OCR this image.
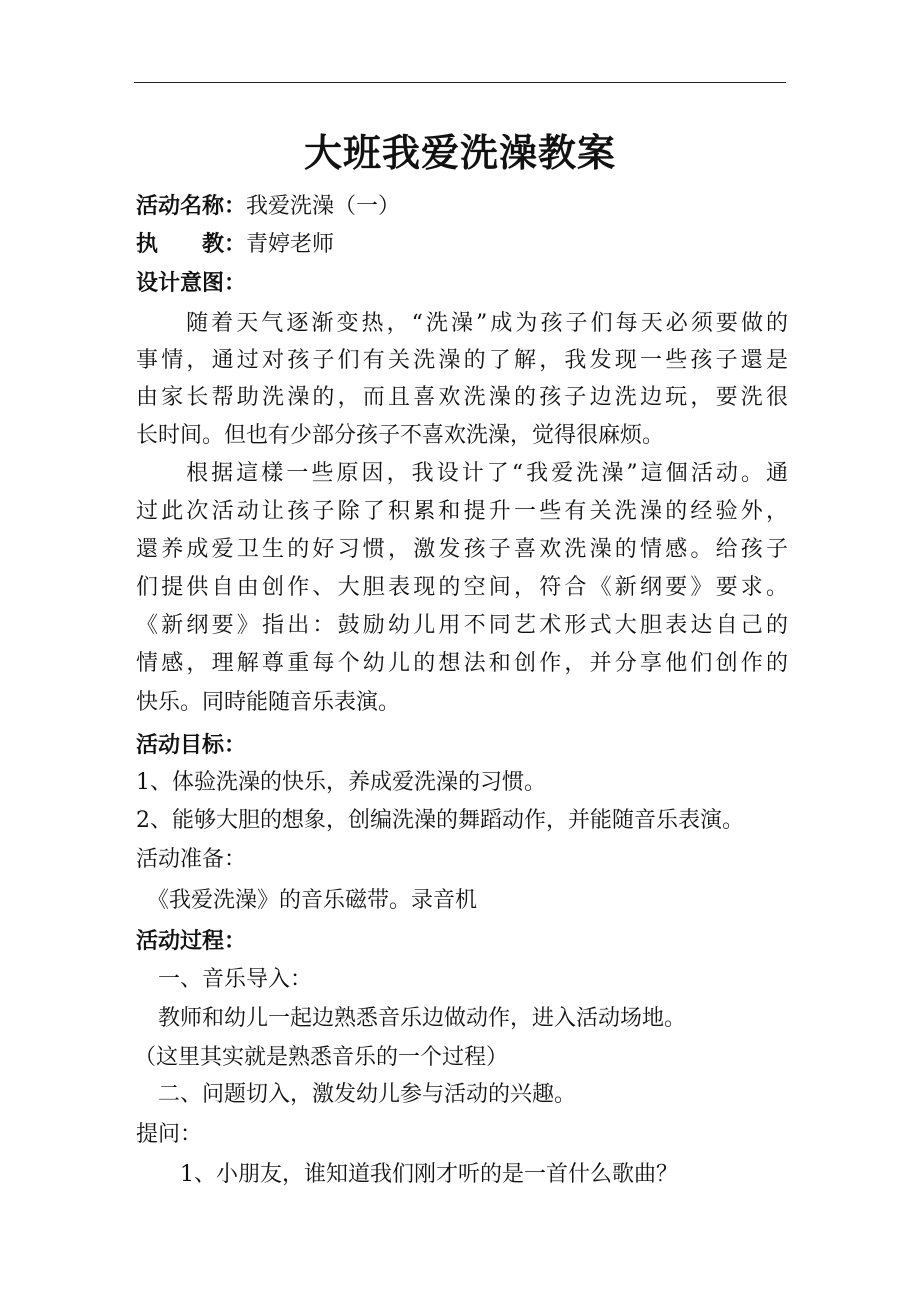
大班我爱洗澡教案
活动名称：我爱洗澡（一）
执　　教：青婷老师
设计意图：
　　随着天气逐渐变热，“洗澡”成为孩子们每天必须要做的
事情，通过对孩子们有关洗澡的了解，我发现一些孩子還是
由家长帮助洗澡的，而且喜欢洗澡的孩子边洗边玩，要洗很
长时间。但也有少部分孩子不喜欢洗澡，觉得很麻烦。
　　根据這樣一些原因，我设计了“我爱洗澡”這個活动。通
过此次活动让孩子除了积累和提升一些有关洗澡的经验外，
還养成爱卫生的好习惯，激发孩子喜欢洗澡的情感。给孩子
们提供自由创作、大胆表现的空间，符合《新纲要》要求。
《新纲要》指出：鼓励幼儿用不同艺术形式大胆表达自己的
情感，理解尊重每个幼儿的想法和创作，并分享他们创作的
快乐。同時能随音乐表演。
活动目标：
1、体验洗澡的快乐，养成爱洗澡的习惯。
2、能够大胆的想象，创编洗澡的舞蹈动作，并能随音乐表演。
活动准备：
　《我爱洗澡》的音乐磁带。录音机
活动过程：
　一、音乐导入：
　教师和幼儿一起边熟悉音乐边做动作，进入活动场地。
（这里其实就是熟悉音乐的一个过程）
　二、问题切入，激发幼儿参与活动的兴趣。
提问：
　　1、小朋友，谁知道我们刚才听的是一首什么歌曲？
